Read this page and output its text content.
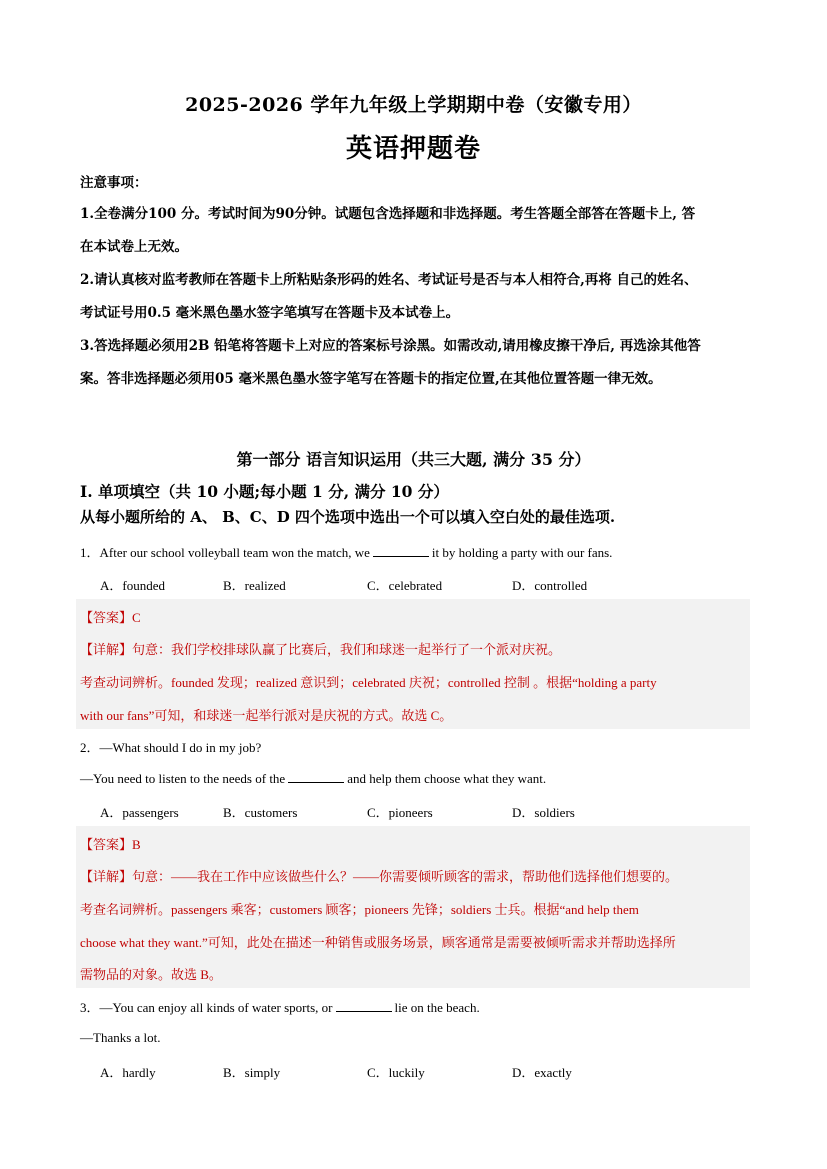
2025-2026 学年九年级上学期期中卷（安徽专用）
英语押题卷
注意事项：
1.全卷满分100 分。考试时间为90分钟。试题包含选择题和非选择题。考生答题全部答在答题卡上, 答
在本试卷上无效。
2.请认真核对监考教师在答题卡上所粘贴条形码的姓名、考试证号是否与本人相符合,再将 自己的姓名、
考试证号用0.5 毫米黑色墨水签字笔填写在答题卡及本试卷上。
3.答选择题必须用2B 铅笔将答题卡上对应的答案标号涂黑。如需改动,请用橡皮擦干净后, 再选涂其他答
案。答非选择题必须用05 毫米黑色墨水签字笔写在答题卡的指定位置,在其他位置答题一律无效。
第一部分 语言知识运用（共三大题, 满分 35 分）
I. 单项填空（共 10 小题;每小题 1 分, 满分 10 分）
从每小题所给的 A、 B、C、D 四个选项中选出一个可以填入空白处的最佳选项.
1．After our school volleyball team won the match, we	it by holding a party with our fans.
A．founded	B．realized	C．celebrated	D．controlled
【答案】C
【详解】句意：我们学校排球队赢了比赛后，我们和球迷一起举行了一个派对庆祝。
考查动词辨析。founded 发现；realized 意识到；celebrated 庆祝；controlled 控制 。根据“holding a party
with our fans”可知，和球迷一起举行派对是庆祝的方式。故选 C。
2．—What should I do in my job?
—You need to listen to the needs of the	and help them choose what they want.
A．passengers	B．customers	C．pioneers	D．soldiers
【答案】B
【详解】句意：——我在工作中应该做些什么？——你需要倾听顾客的需求，帮助他们选择他们想要的。
考查名词辨析。passengers 乘客；customers 顾客；pioneers 先锋；soldiers 士兵。根据“and help them
choose what they want.”可知，此处在描述一种销售或服务场景，顾客通常是需要被倾听需求并帮助选择所
需物品的对象。故选 B。
3．—You can enjoy all kinds of water sports, or	lie on the beach.
—Thanks a lot.
A．hardly	B．simply	C．luckily	D．exactly
